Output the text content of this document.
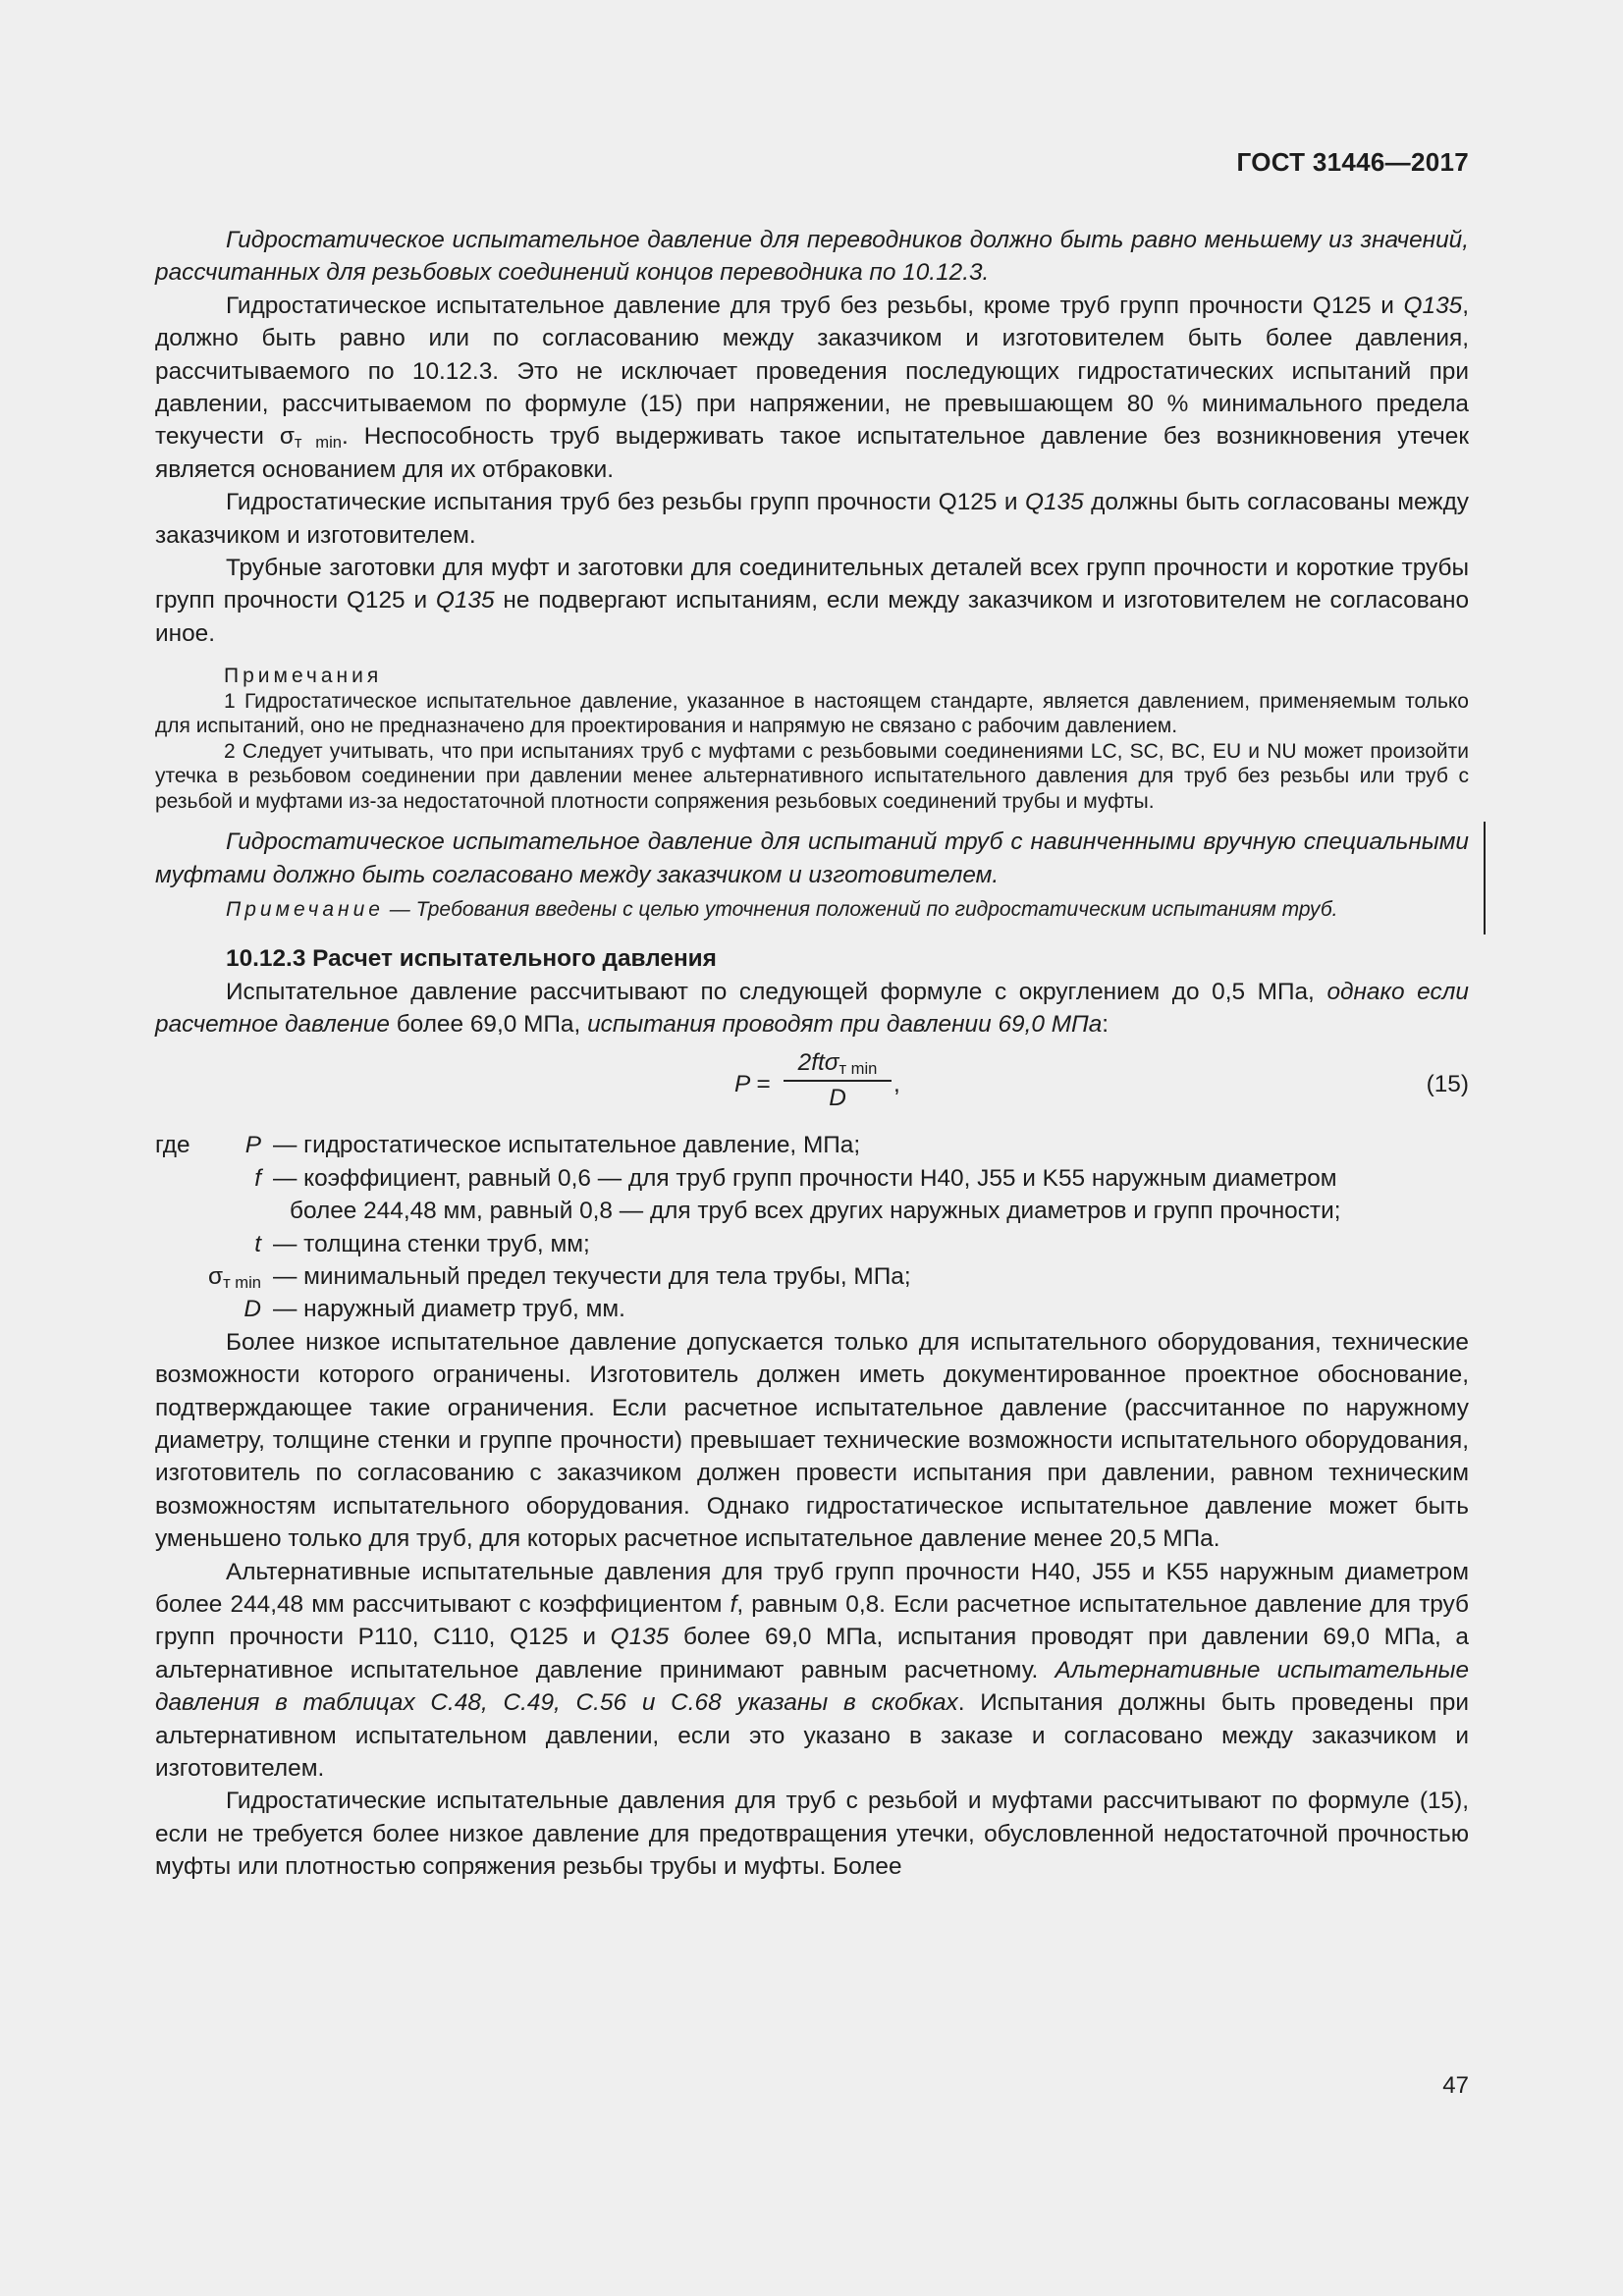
ГОСТ 31446—2017

Гидростатическое испытательное давление для переводников должно быть равно меньшему из значений, рассчитанных для резьбовых соединений концов переводника по 10.12.3.

Гидростатическое испытательное давление для труб без резьбы, кроме труб групп прочности Q125 и Q135, должно быть равно или по согласованию между заказчиком и изготовителем быть более давления, рассчитываемого по 10.12.3. Это не исключает проведения последующих гидростатических испытаний при давлении, рассчитываемом по формуле (15) при напряжении, не превышающем 80 % минимального предела текучести $\sigma_{т min}$. Неспособность труб выдерживать такое испытательное давление без возникновения утечек является основанием для их отбраковки.

Гидростатические испытания труб без резьбы групп прочности Q125 и Q135 должны быть согласованы между заказчиком и изготовителем.

Трубные заготовки для муфт и заготовки для соединительных деталей всех групп прочности и короткие трубы групп прочности Q125 и Q135 не подвергают испытаниям, если между заказчиком и изготовителем не согласовано иное.

Примечания

1 Гидростатическое испытательное давление, указанное в настоящем стандарте, является давлением, применяемым только для испытаний, оно не предназначено для проектирования и напрямую не связано с рабочим давлением.

2 Следует учитывать, что при испытаниях труб с муфтами с резьбовыми соединениями LC, SC, BC, EU и NU может произойти утечка в резьбовом соединении при давлении менее альтернативного испытательного давления для труб без резьбы или труб с резьбой и муфтами из-за недостаточной плотности сопряжения резьбовых соединений трубы и муфты.

Гидростатическое испытательное давление для испытаний труб с навинченными вручную специальными муфтами должно быть согласовано между заказчиком и изготовителем.

Примечание — Требования введены с целью уточнения положений по гидростатическим испытаниям труб.

10.12.3 Расчет испытательного давления

Испытательное давление рассчитывают по следующей формуле с округлением до 0,5 МПа, однако если расчетное давление более 69,0 МПа, испытания проводят при давлении 69,0 МПа:

P =
2ftσ$_{т min}$
D	,	(15)
где	P — гидростатическое испытательное давление, МПа;
f — коэффициент, равный 0,6 — для труб групп прочности H40, J55 и K55 наружным диаметром
более 244,48 мм, равный 0,8 — для труб всех других наружных диаметров и групп прочности;
t — толщина стенки труб, мм;
$\sigma_{т min}$ — минимальный предел текучести для тела трубы, МПа;
D — наружный диаметр труб, мм.

Более низкое испытательное давление допускается только для испытательного оборудования, технические возможности которого ограничены. Изготовитель должен иметь документированное проектное обоснование, подтверждающее такие ограничения. Если расчетное испытательное давление (рассчитанное по наружному диаметру, толщине стенки и группе прочности) превышает технические возможности испытательного оборудования, изготовитель по согласованию с заказчиком должен провести испытания при давлении, равном техническим возможностям испытательного оборудования. Однако гидростатическое испытательное давление может быть уменьшено только для труб, для которых расчетное испытательное давление менее 20,5 МПа.

Альтернативные испытательные давления для труб групп прочности H40, J55 и K55 наружным диаметром более 244,48 мм рассчитывают с коэффициентом f, равным 0,8. Если расчетное испытательное давление для труб групп прочности P110, C110, Q125 и Q135 более 69,0 МПа, испытания проводят при давлении 69,0 МПа, а альтернативное испытательное давление принимают равным расчетному. Альтернативные испытательные давления в таблицах С.48, С.49, С.56 и С.68 указаны в скобках. Испытания должны быть проведены при альтернативном испытательном давлении, если это указано в заказе и согласовано между заказчиком и изготовителем.

Гидростатические испытательные давления для труб с резьбой и муфтами рассчитывают по формуле (15), если не требуется более низкое давление для предотвращения утечки, обусловленной недостаточной прочностью муфты или плотностью сопряжения резьбы трубы и муфты. Более

47
